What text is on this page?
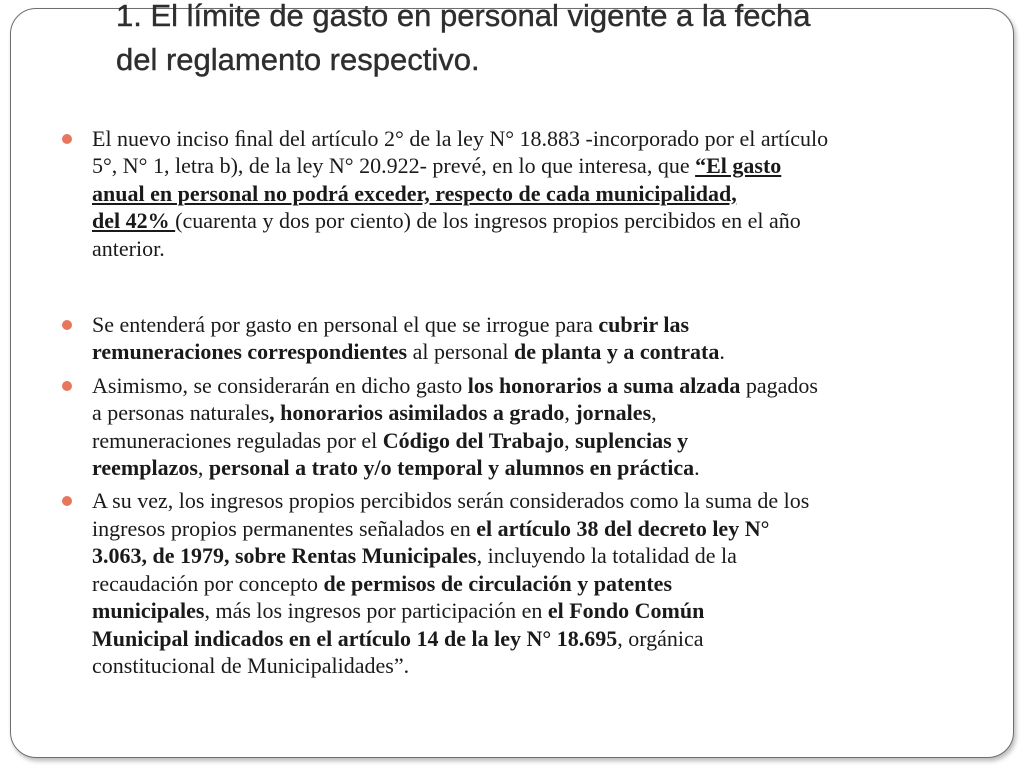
1. El límite de gasto en personal vigente a la fecha
del reglamento respectivo.
El nuevo inciso ﬁnal del artículo 2° de la ley N° 18.883 -incorporado por el artículo
5°, N° 1, letra b), de la ley N° 20.922- prevé, en lo que interesa, que “El gasto
anual en personal no podrá exceder, respecto de cada municipalidad,
del 42% (cuarenta y dos por ciento) de los ingresos propios percibidos en el año
anterior.
Se entenderá por gasto en personal el que se irrogue para cubrir las
remuneraciones correspondientes al personal de planta y a contrata.
Asimismo, se considerarán en dicho gasto los honorarios a suma alzada pagados
a personas naturales, honorarios asimilados a grado, jornales,
remuneraciones reguladas por el Código del Trabajo, suplencias y
reemplazos, personal a trato y/o temporal y alumnos en práctica.
A su vez, los ingresos propios percibidos serán considerados como la suma de los
ingresos propios permanentes señalados en el artículo 38 del decreto ley N°
3.063, de 1979, sobre Rentas Municipales, incluyendo la totalidad de la
recaudación por concepto de permisos de circulación y patentes
municipales, más los ingresos por participación en el Fondo Común
Municipal indicados en el artículo 14 de la ley N° 18.695, orgánica
constitucional de Municipalidades”.
